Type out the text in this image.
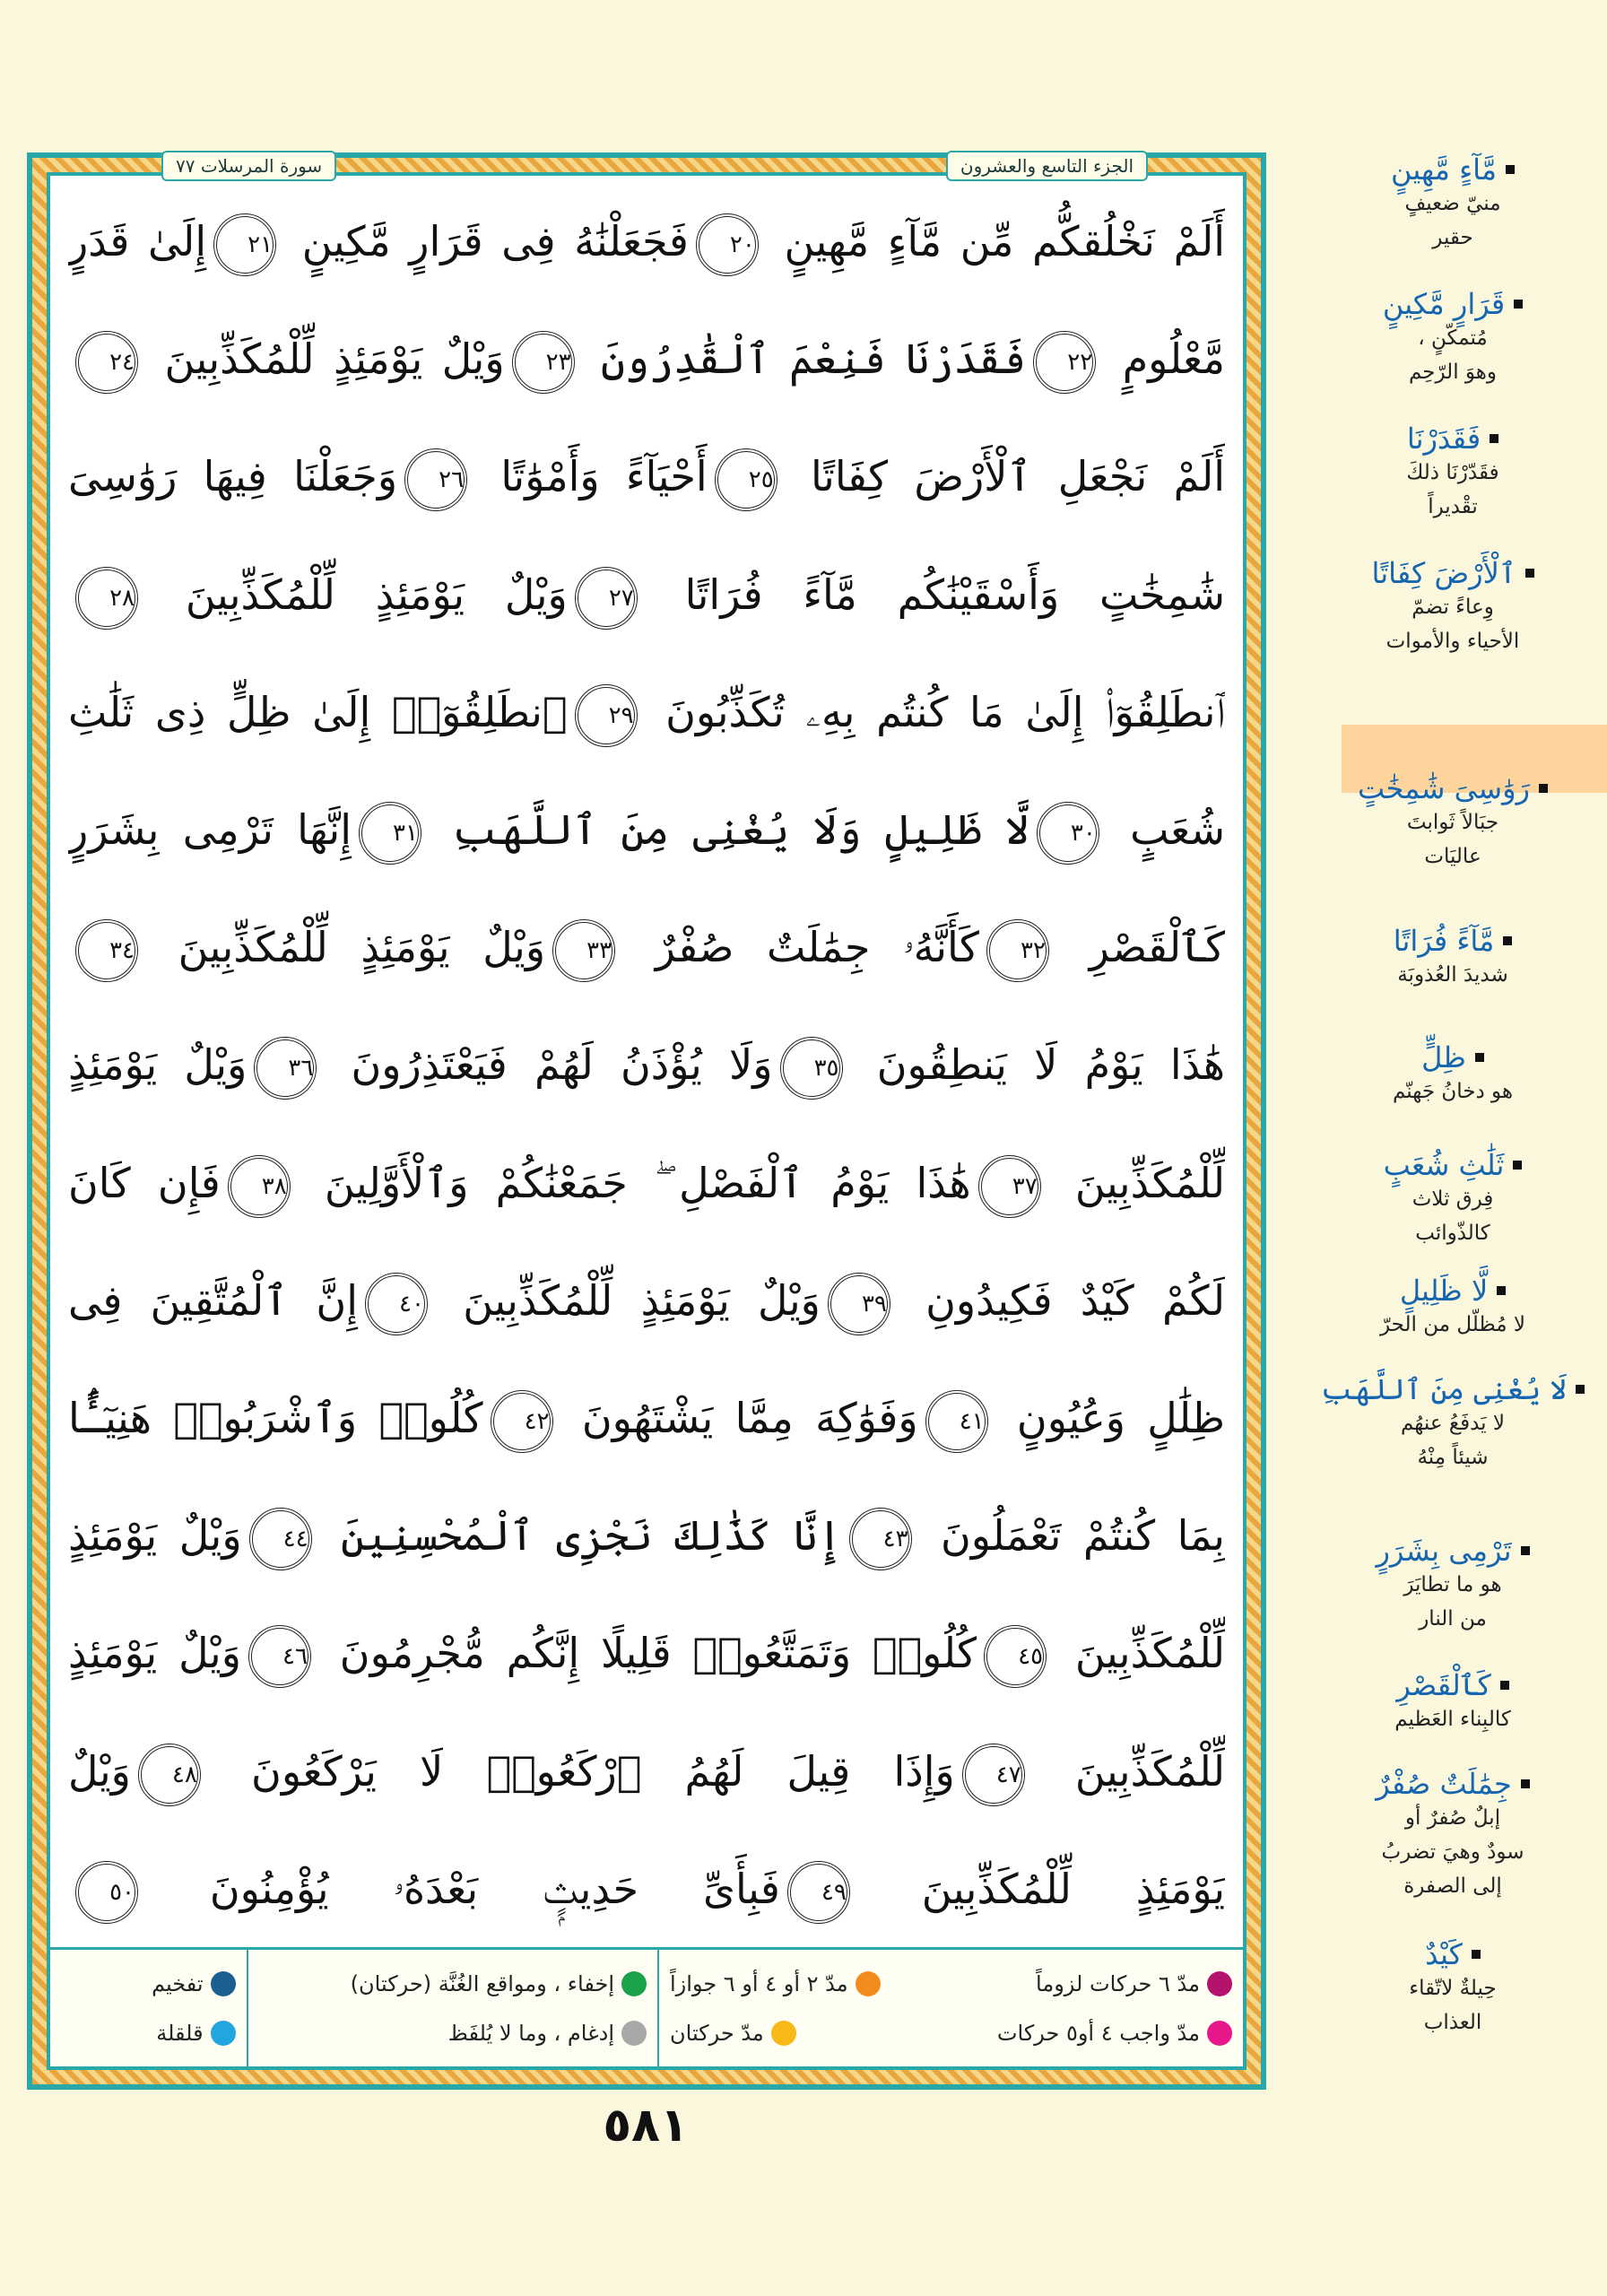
أَلَمْ نَخْلُقكُّم مِّن مَّآءٍ مَّهِينٍ ٢٠فَجَعَلْنَٰهُ فِى قَرَارٍ مَّكِينٍ ٢١إِلَىٰ قَدَرٍ
مَّعْلُومٍ ٢٢فَقَدَرْنَا فَنِعْمَ ٱلْقَٰدِرُونَ ٢٣وَيْلٌ يَوْمَئِذٍ لِّلْمُكَذِّبِينَ ٢٤
أَلَمْ نَجْعَلِ ٱلْأَرْضَ كِفَاتًا ٢٥أَحْيَآءً وَأَمْوَٰتًا ٢٦وَجَعَلْنَا فِيهَا رَوَٰسِىَ
شَٰمِخَٰتٍ وَأَسْقَيْنَٰكُم مَّآءً فُرَاتًا ٢٧وَيْلٌ يَوْمَئِذٍ لِّلْمُكَذِّبِينَ ٢٨
ٱنطَلِقُوٓا۟ إِلَىٰ مَا كُنتُم بِهِۦ تُكَذِّبُونَ ٢٩ٱنطَلِقُوٓا۟ إِلَىٰ ظِلٍّ ذِى ثَلَٰثِ
شُعَبٍ ٣٠لَّا ظَلِيلٍ وَلَا يُغْنِى مِنَ ٱللَّهَبِ ٣١إِنَّهَا تَرْمِى بِشَرَرٍ
كَٱلْقَصْرِ ٣٢كَأَنَّهُۥ جِمَٰلَتٌ صُفْرٌ ٣٣وَيْلٌ يَوْمَئِذٍ لِّلْمُكَذِّبِينَ ٣٤
هَٰذَا يَوْمُ لَا يَنطِقُونَ ٣٥وَلَا يُؤْذَنُ لَهُمْ فَيَعْتَذِرُونَ ٣٦وَيْلٌ يَوْمَئِذٍ
لِّلْمُكَذِّبِينَ ٣٧هَٰذَا يَوْمُ ٱلْفَصْلِ ۖ جَمَعْنَٰكُمْ وَٱلْأَوَّلِينَ ٣٨فَإِن كَانَ
لَكُمْ كَيْدٌ فَكِيدُونِ ٣٩وَيْلٌ يَوْمَئِذٍ لِّلْمُكَذِّبِينَ ٤٠إِنَّ ٱلْمُتَّقِينَ فِى
ظِلَٰلٍ وَعُيُونٍ ٤١وَفَوَٰكِهَ مِمَّا يَشْتَهُونَ ٤٢كُلُوا۟ وَٱشْرَبُوا۟ هَنِيٓـًٔۢا
بِمَا كُنتُمْ تَعْمَلُونَ ٤٣إِنَّا كَذَٰلِكَ نَجْزِى ٱلْمُحْسِنِينَ ٤٤وَيْلٌ يَوْمَئِذٍ
لِّلْمُكَذِّبِينَ ٤٥كُلُوا۟ وَتَمَتَّعُوا۟ قَلِيلًا إِنَّكُم مُّجْرِمُونَ ٤٦وَيْلٌ يَوْمَئِذٍ
لِّلْمُكَذِّبِينَ ٤٧وَإِذَا قِيلَ لَهُمُ ٱرْكَعُوا۟ لَا يَرْكَعُونَ ٤٨وَيْلٌ
يَوْمَئِذٍ لِّلْمُكَذِّبِينَ ٤٩فَبِأَىِّ حَدِيثٍۭ بَعْدَهُۥ يُؤْمِنُونَ ٥٠
مدّ ٦ حركات لزوماً
مدّ ٢ أو ٤ أو ٦ جوازاً
مدّ واجب ٤ أو٥ حركات
مدّ حركتان
إخفاء ، ومواقع الغُنَّة (حركتان)
إدغام ، وما لا يُلفَظ
تفخيم
قلقلة
سورة المرسلات ٧٧	الجزء التاسع والعشرون
٥٨١
مَّآءٍ مَّهِينٍ
منيّ ضعيفٍ
حقير
قَرَارٍ مَّكِينٍ
مُتمكّنٍ ،
وهوَ الرّحِم
فَقَدَرْنَا
فقَدّرْنَا ذلكَ
تقْديراً
ٱلْأَرْضَ كِفَاتًا
وِعاءً تضمّ
الأحياء والأموات
رَوَٰسِىَ شَٰمِخَٰتٍ
جبَالاً ثَوابتَ
عاليَات
مَّآءً فُرَاتًا
شديدَ العُذوبَة
ظِلٍّ
هو دخانُ جَهنّم
ثَلَٰثِ شُعَبٍ
فِرق ثلاث
كالذّوائب
لَّا ظَلِيلٍ
لا مُظلّل من الحرّ
لَا يُغْنِى مِنَ ٱللَّهَبِ
لا يَدفَعُ عنهُم
شيئاً مِنْهُ
تَرْمِى بِشَرَرٍ
هو ما تطايَرَ
من النار
كَٱلْقَصْرِ
كالبِناء العَظيم
جِمَٰلَتٌ صُفْرٌ
إبلٌ صُفرٌ أو
سودٌ وهيَ تضربُ
إلى الصفرة
كَيْدٌ
حِيلةٌ لاتّقاء
العذاب
